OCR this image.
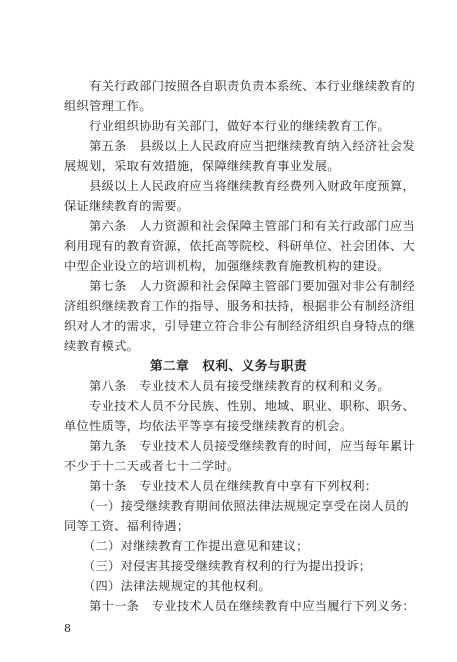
　　有关行政部门按照各自职责负责本系统、本行业继续教育的
组织管理工作。
　　行业组织协助有关部门，做好本行业的继续教育工作。
　　第五条　县级以上人民政府应当把继续教育纳入经济社会发
展规划，采取有效措施，保障继续教育事业发展。
　　县级以上人民政府应当将继续教育经费列入财政年度预算，
保证继续教育的需要。
　　第六条　人力资源和社会保障主管部门和有关行政部门应当
利用现有的教育资源，依托高等院校、科研单位、社会团体、大
中型企业设立的培训机构，加强继续教育施教机构的建设。
　　第七条　人力资源和社会保障主管部门要加强对非公有制经
济组织继续教育工作的指导、服务和扶持，根据非公有制经济组
织对人才的需求，引导建立符合非公有制经济组织自身特点的继
续教育模式。
第二章　权利、义务与职责
　　第八条　专业技术人员有接受继续教育的权利和义务。
　　专业技术人员不分民族、性别、地域、职业、职称、职务、
单位性质等，均依法平等享有接受继续教育的机会。
　　第九条　专业技术人员接受继续教育的时间，应当每年累计
不少于十二天或者七十二学时。
　　第十条　专业技术人员在继续教育中享有下列权利：
　　（一）接受继续教育期间依照法律法规规定享受在岗人员的
同等工资、福利待遇；
　　（二）对继续教育工作提出意见和建议；
　　（三）对侵害其接受继续教育权利的行为提出投诉；
　　（四）法律法规规定的其他权利。
　　第十一条　专业技术人员在继续教育中应当履行下列义务：
8
